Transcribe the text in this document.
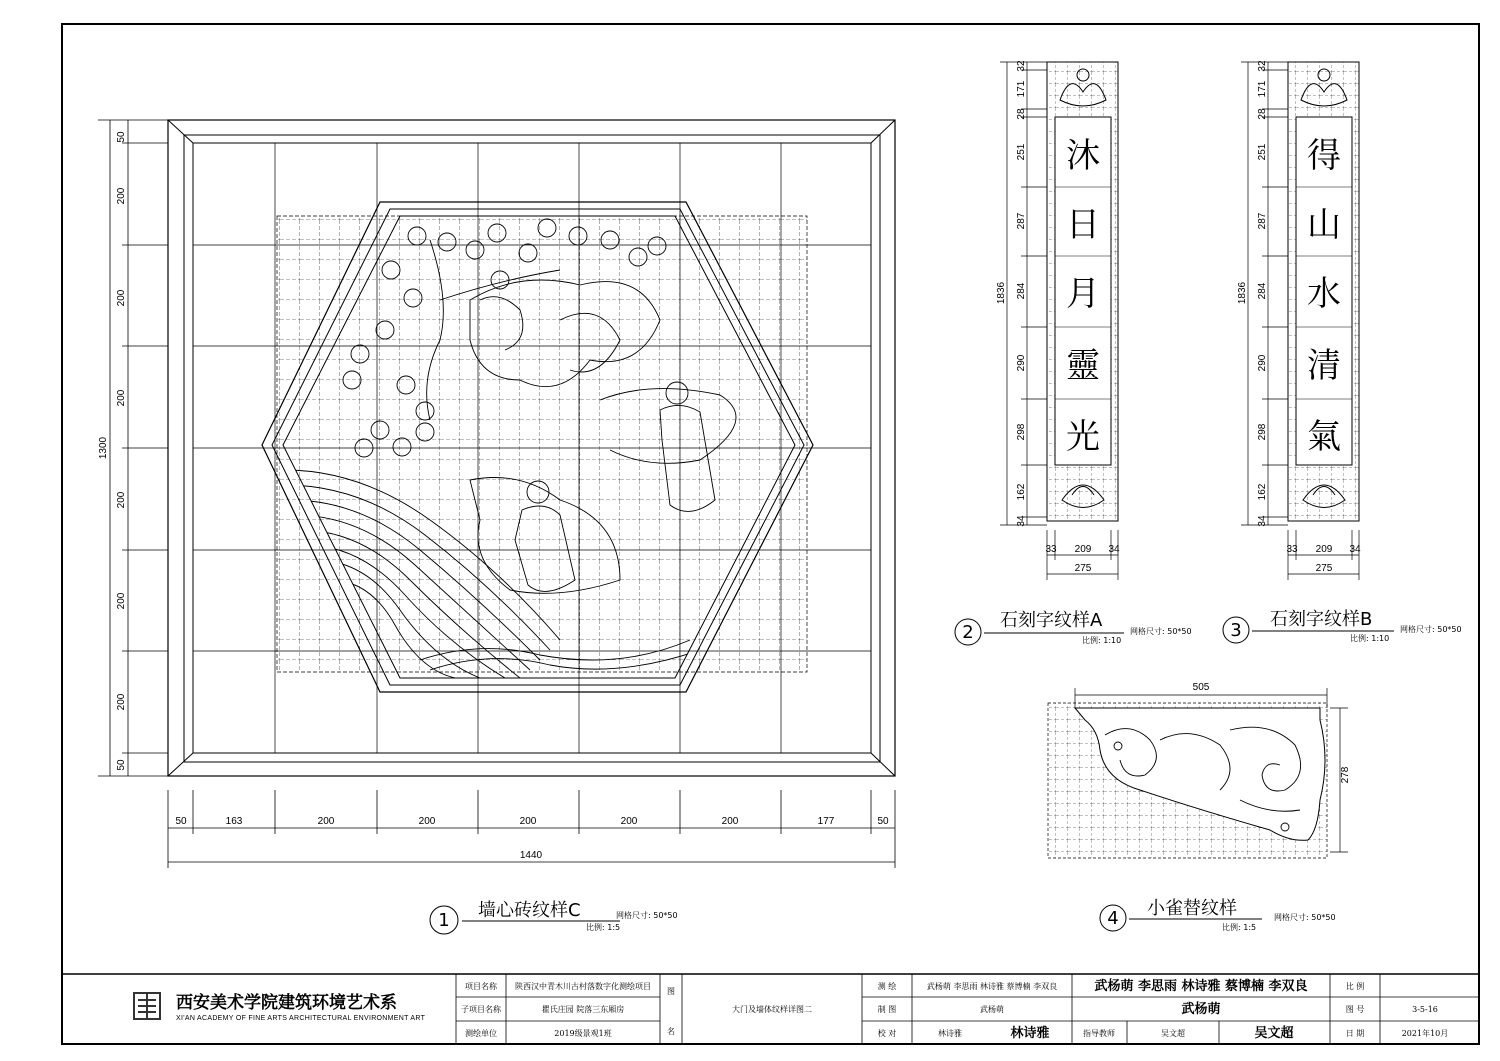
50
200
200
200
200
200
200
50
1300
50	163	200	200	200	200	200	177	50
1440
1 墙心砖纹样C
比例: 1:5
网格尺寸: 50*50
沐
日
月
靈
光
32
171
28
251
287
284
290
298
162
34
1836
33 209 34
275
2
石刻字纹样A
比例: 1:10
网格尺寸: 50*50
得
山
水
清
氣
32
171
28
251
287
284
290
298
162
34
1836
33 209 34
275
3
石刻字纹样B
比例: 1:10
网格尺寸: 50*50
505
278
4 小雀替纹样
比例: 1:5
网格尺寸: 50*50
西安美术学院建筑环境艺术系
XI'AN ACADEMY OF FINE ARTS ARCHITECTURAL ENVIRONMENT ART
项目名称 陕西汉中青木川古村落数字化测绘项目
子项目名称	瞿氏庄园 院落三东厢房
测绘单位	2019级景观1班
图
名
大门及墙体纹样详图二
测 绘	武杨萌 李思雨 林诗雅 蔡博楠 李双良	武杨萌 李思雨 林诗雅 蔡博楠 李双良
制 图	武杨萌	武杨萌
校 对	林诗雅	林诗雅	指导教师	吴文超	吴文超
比 例
图 号	3-5-16
日 期	2021年10月
